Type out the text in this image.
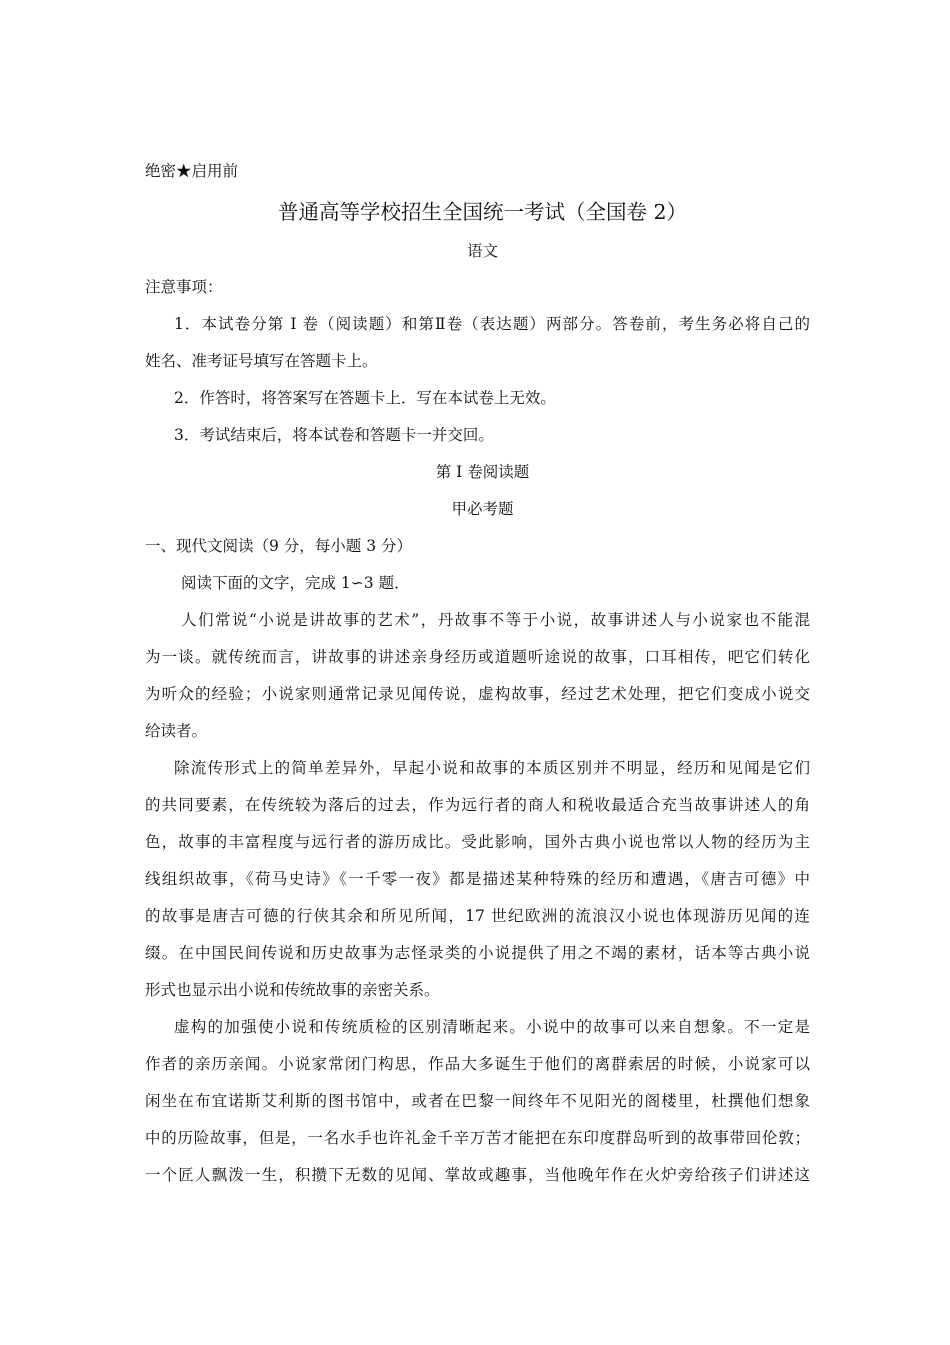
绝密★启用前
普通高等学校招生全国统一考试（全国卷 2）
语文
注意事项：
1．本试卷分第 I 卷（阅读题）和第Ⅱ卷（表达题）两部分。答卷前，考生务必将自己的
姓名、准考证号填写在答题卡上。
2．作答时，将答案写在答题卡上．写在本试卷上无效。
3．考试结束后，将本试卷和答题卡一并交回。
第 I 卷阅读题
甲必考题
一、现代文阅读（9 分，每小题 3 分）
阅读下面的文字，完成 1∽3 题．
人们常说“小说是讲故事的艺术”，丹故事不等于小说，故事讲述人与小说家也不能混
为一谈。就传统而言，讲故事的讲述亲身经历或道题听途说的故事，口耳相传，吧它们转化
为听众的经验；小说家则通常记录见闻传说，虚构故事，经过艺术处理，把它们变成小说交
给读者。
除流传形式上的简单差异外，早起小说和故事的本质区别并不明显，经历和见闻是它们
的共同要素，在传统较为落后的过去，作为远行者的商人和税收最适合充当故事讲述人的角
色，故事的丰富程度与远行者的游历成比。受此影响，国外古典小说也常以人物的经历为主
线组织故事，《荷马史诗》《一千零一夜》都是描述某种特殊的经历和遭遇，《唐吉可德》中
的故事是唐吉可德的行侠其余和所见所闻，17 世纪欧洲的流浪汉小说也体现游历见闻的连
缀。在中国民间传说和历史故事为志怪录类的小说提供了用之不竭的素材，话本等古典小说
形式也显示出小说和传统故事的亲密关系。
虚构的加强使小说和传统质检的区别清晰起来。小说中的故事可以来自想象。不一定是
作者的亲历亲闻。小说家常闭门构思，作品大多诞生于他们的离群索居的时候，小说家可以
闲坐在布宜诺斯艾利斯的图书馆中，或者在巴黎一间终年不见阳光的阁楼里，杜撰他们想象
中的历险故事，但是，一名水手也许礼金千辛万苦才能把在东印度群岛听到的故事带回伦敦；
一个匠人飘泼一生，积攒下无数的见闻、掌故或趣事，当他晚年作在火炉旁给孩子们讲述这
